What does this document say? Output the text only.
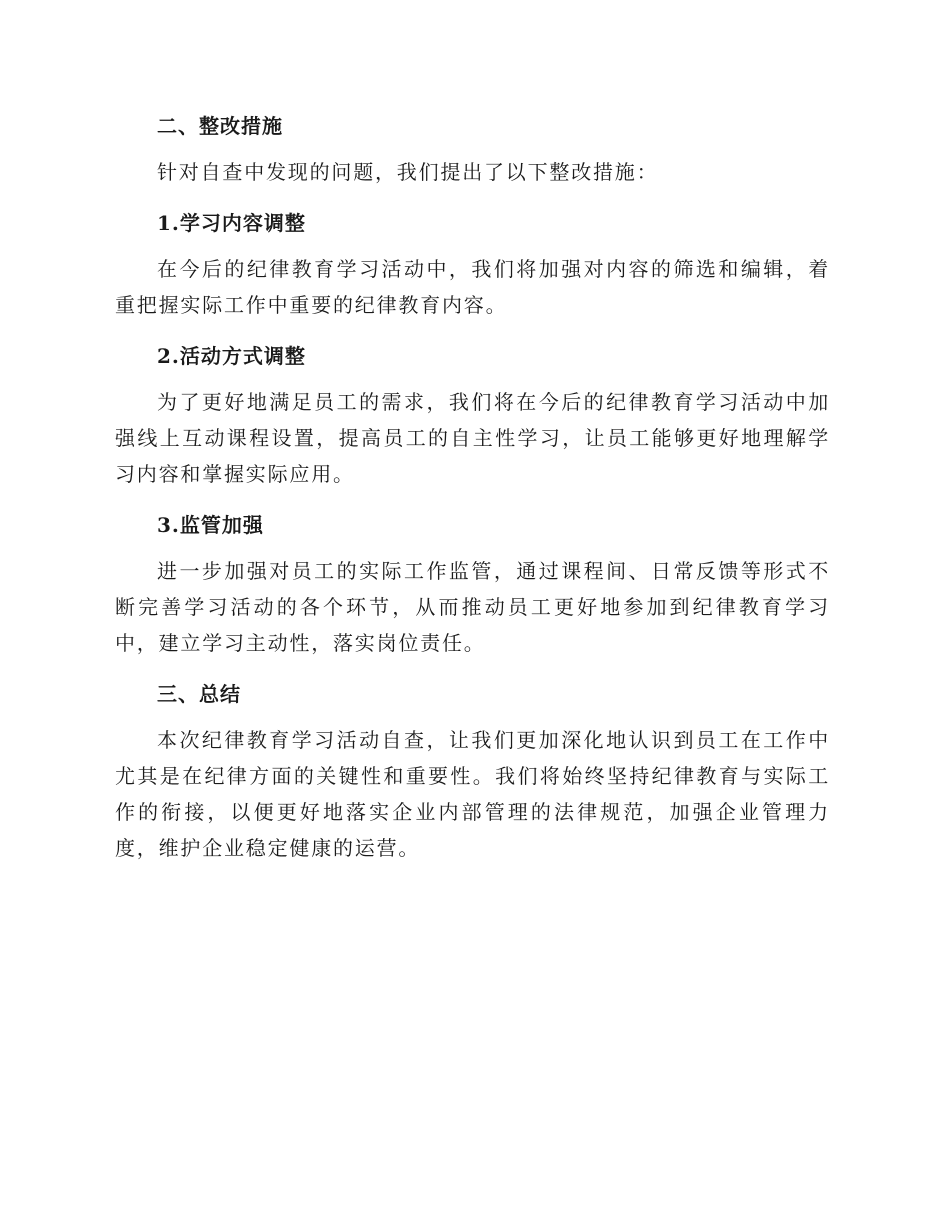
二、整改措施

针对自查中发现的问题，我们提出了以下整改措施：

1.学习内容调整

在今后的纪律教育学习活动中，我们将加强对内容的筛选和编辑，着重把握实际工作中重要的纪律教育内容。

2.活动方式调整

为了更好地满足员工的需求，我们将在今后的纪律教育学习活动中加强线上互动课程设置，提高员工的自主性学习，让员工能够更好地理解学习内容和掌握实际应用。

3.监管加强

进一步加强对员工的实际工作监管，通过课程间、日常反馈等形式不断完善学习活动的各个环节，从而推动员工更好地参加到纪律教育学习中，建立学习主动性，落实岗位责任。

三、总结

本次纪律教育学习活动自查，让我们更加深化地认识到员工在工作中尤其是在纪律方面的关键性和重要性。我们将始终坚持纪律教育与实际工作的衔接，以便更好地落实企业内部管理的法律规范，加强企业管理力度，维护企业稳定健康的运营。
